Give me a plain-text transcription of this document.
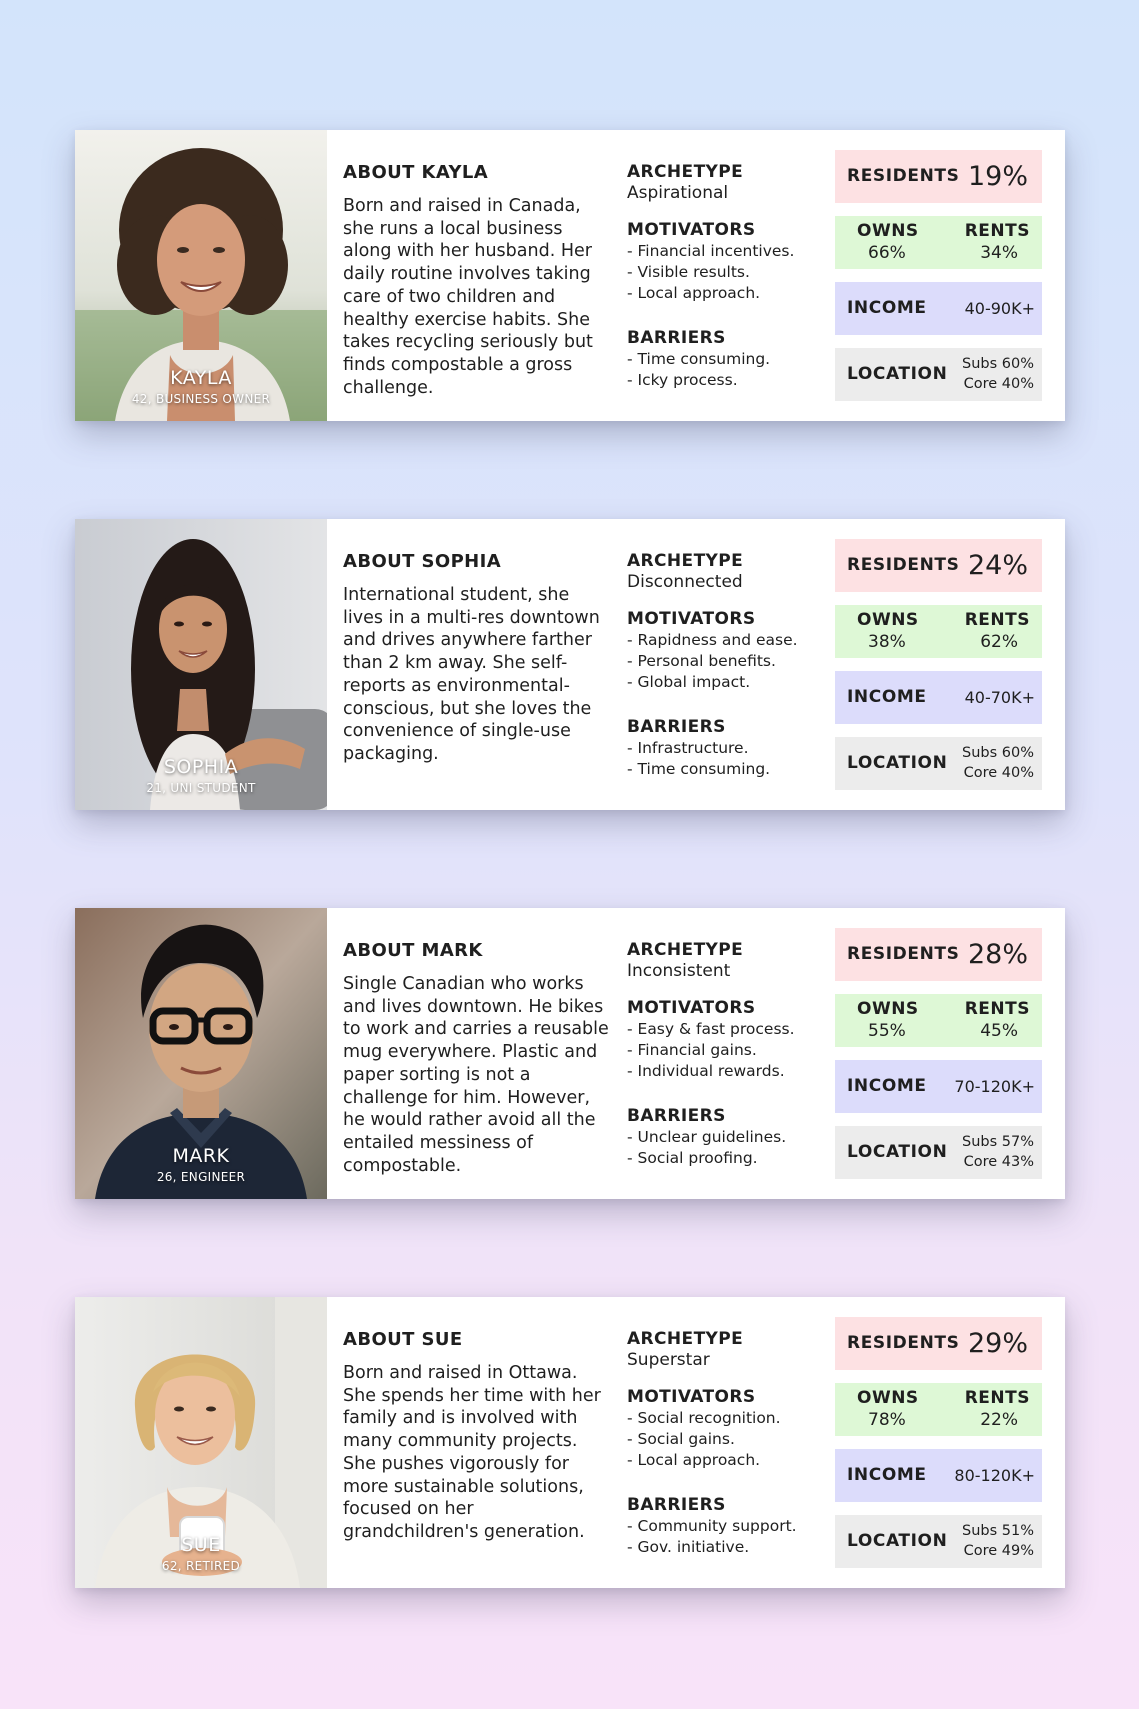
KAYLA
42, BUSINESS OWNER
ABOUT KAYLA

Born and raised in Canada, she runs a local business along with her husband. Her daily routine involves taking care of two children and healthy exercise habits. She takes recycling seriously but finds compostable a gross challenge.

ARCHETYPE
Aspirational
MOTIVATORS
- Financial incentives.
- Visible results.
- Local approach.
BARRIERS
- Time consuming.
- Icky process.
RESIDENTS 19%
OWNS
66%
RENTS
34%
INCOME 40-90K+
LOCATION Subs 60%
Core 40%
SOPHIA
21, UNI STUDENT
ABOUT SOPHIA

International student, she lives in a multi-res downtown and drives anywhere farther than 2 km away. She self-reports as environmental-conscious, but she loves the convenience of single-use packaging.

ARCHETYPE
Disconnected
MOTIVATORS
- Rapidness and ease.
- Personal benefits.
- Global impact.
BARRIERS
- Infrastructure.
- Time consuming.
RESIDENTS 24%
OWNS
38%
RENTS
62%
INCOME 40-70K+
LOCATION Subs 60%
Core 40%
MARK
26, ENGINEER
ABOUT MARK

Single Canadian who works and lives downtown. He bikes to work and carries a reusable mug everywhere. Plastic and paper sorting is not a challenge for him. However, he would rather avoid all the entailed messiness of compostable.

ARCHETYPE
Inconsistent
MOTIVATORS
- Easy & fast process.
- Financial gains.
- Individual rewards.
BARRIERS
- Unclear guidelines.
- Social proofing.
RESIDENTS 28%
OWNS
55%
RENTS
45%
INCOME 70-120K+
LOCATION Subs 57%
Core 43%
SUE
62, RETIRED
ABOUT SUE

Born and raised in Ottawa. She spends her time with her family and is involved with many community projects. She pushes vigorously for more sustainable solutions, focused on her grandchildren's generation.

ARCHETYPE
Superstar
MOTIVATORS
- Social recognition.
- Social gains.
- Local approach.
BARRIERS
- Community support.
- Gov. initiative.
RESIDENTS 29%
OWNS
78%
RENTS
22%
INCOME 80-120K+
LOCATION Subs 51%
Core 49%
